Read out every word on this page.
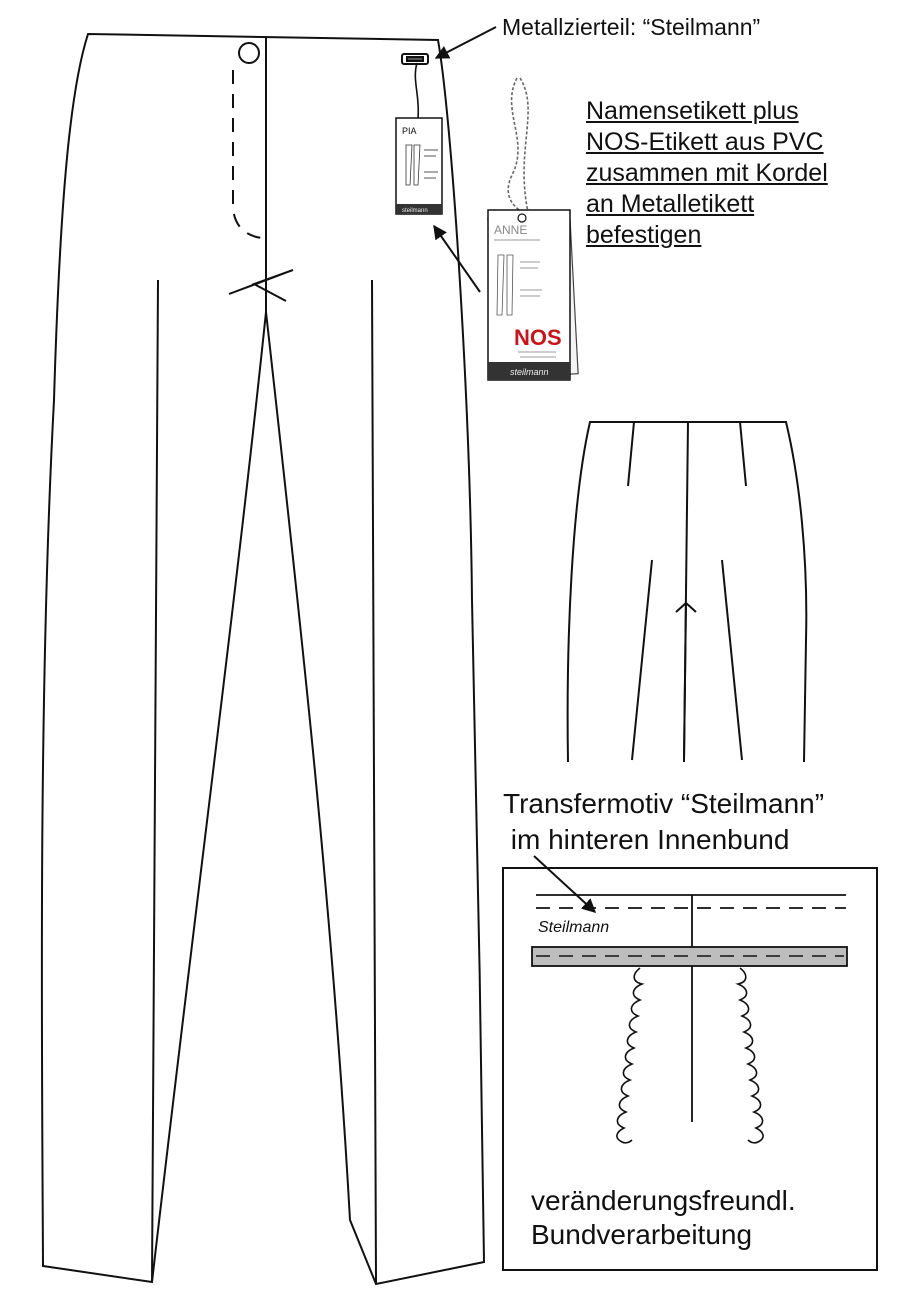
PIA
steilmann
ANNE
NOS
steilmann
Steilmann
Metallzierteil: “Steilmann”
Namensetikett plus
NOS-Etikett aus PVC
zusammen mit Kordel
an Metalletikett
befestigen
Transfermotiv “Steilmann”
im hinteren Innenbund
veränderungsfreundl.
Bundverarbeitung
